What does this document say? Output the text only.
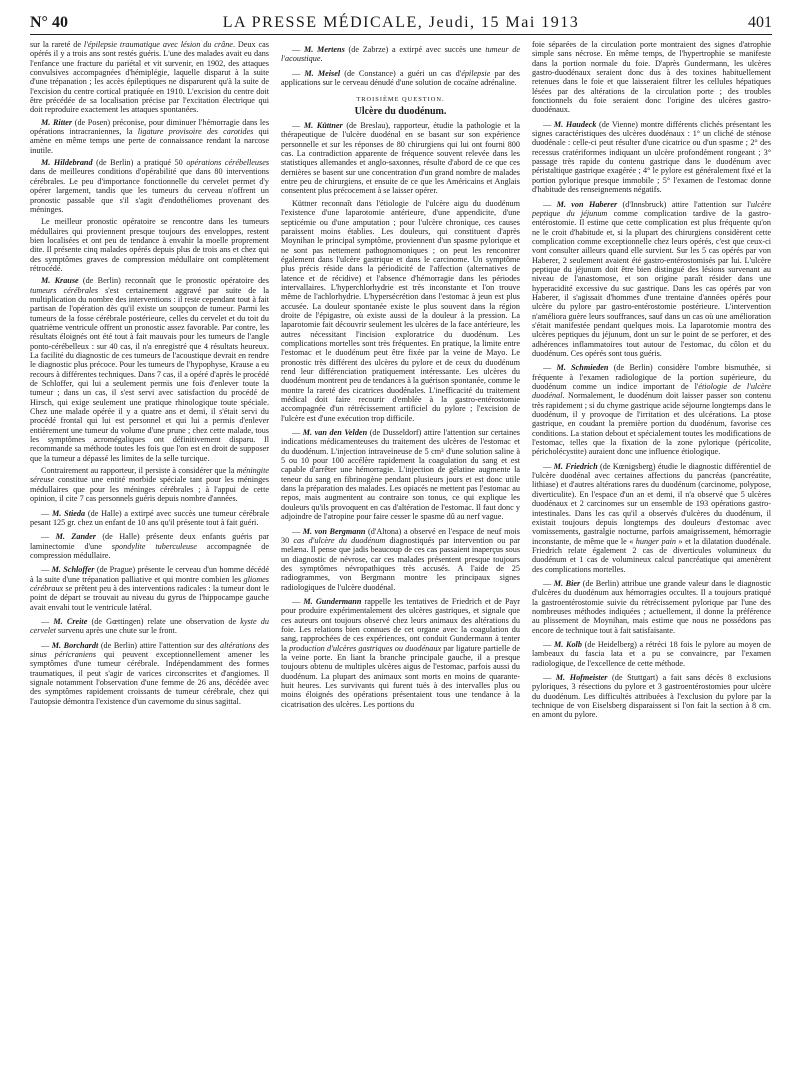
N° 40	LA PRESSE MÉDICALE, Jeudi, 15 Mai 1913	401

sur la rareté de l'épilepsie traumatique avec lésion du crâne. Deux cas opérés il y a trois ans sont restés guéris. L'une des malades avait eu dans l'enfance une fracture du pariétal et vit survenir, en 1902, des attaques convulsives accompagnées d'hémiplégie, laquelle disparut à la suite d'une trépanation ; les accès épileptiques ne disparurent qu'à la suite de l'excision du centre cortical pratiquée en 1910. L'excision du centre doit être précédée de sa localisation précise par l'excitation électrique qui doit reproduire exactement les attaques spontanées.

M. Ritter (de Posen) préconise, pour diminuer l'hémorragie dans les opérations intracraniennes, la ligature provisoire des carotides qui amène en même temps une perte de connaissance rendant la narcose inutile.

M. Hildebrand (de Berlin) a pratiqué 50 opérations cérébelleuses dans de meilleures conditions d'opérabilité que dans 80 interventions cérébrales. Le peu d'importance fonctionnelle du cervelet permet d'y opérer largement, tandis que les tumeurs du cerveau n'offrent un pronostic passable que s'il s'agit d'endothéliomes provenant des méninges.

Le meilleur pronostic opératoire se rencontre dans les tumeurs médullaires qui proviennent presque toujours des enveloppes, restent bien localisées et ont peu de tendance à envahir la moelle proprement dite. Il présente cinq malades opérés depuis plus de trois ans et chez qui des symptômes graves de compression médullaire ont complètement rétrocédé.

M. Krause (de Berlin) reconnaît que le pronostic opératoire des tumeurs cérébrales s'est certainement aggravé par suite de la multiplication du nombre des interventions : il reste cependant tout à fait partisan de l'opération dès qu'il existe un soupçon de tumeur. Parmi les tumeurs de la fosse cérébrale postérieure, celles du cervelet et du toit du quatrième ventricule offrent un pronostic assez favorable. Par contre, les résultats éloignés ont été tout à fait mauvais pour les tumeurs de l'angle ponto-cérébelleux : sur 40 cas, il n'a enregistré que 4 résultats heureux. La facilité du diagnostic de ces tumeurs de l'acoustique devrait en rendre le diagnostic plus précoce. Pour les tumeurs de l'hypophyse, Krause a eu recours à différentes techniques. Dans 7 cas, il a opéré d'après le procédé de Schloffer, qui lui a seulement permis une fois d'enlever toute la tumeur ; dans un cas, il s'est servi avec satisfaction du procédé de Hirsch, qui exige seulement une pratique rhinologique toute spéciale. Chez une malade opérée il y a quatre ans et demi, il s'était servi du procédé frontal qui lui est personnel et qui lui a permis d'enlever entièrement une tumeur du volume d'une prune ; chez cette malade, tous les symptômes acromégaliques ont définitivement disparu. Il recommande sa méthode toutes les fois que l'on est en droit de supposer que la tumeur a dépassé les limites de la selle turcique.

Contrairement au rapporteur, il persiste à considérer que la méningite séreuse constitue une entité morbide spéciale tant pour les méninges médullaires que pour les méninges cérébrales ; à l'appui de cette opinion, il cite 7 cas personnels guéris depuis nombre d'années.

— M. Stieda (de Halle) a extirpé avec succès une tumeur cérébrale pesant 125 gr. chez un enfant de 10 ans qu'il présente tout à fait guéri.

— M. Zander (de Halle) présente deux enfants guéris par laminectomie d'une spondylite tuberculeuse accompagnée de compression médullaire.

— M. Schloffer (de Prague) présente le cerveau d'un homme décédé à la suite d'une trépanation palliative et qui montre combien les gliomes cérébraux se prêtent peu à des interventions radicales : la tumeur dont le point de départ se trouvait au niveau du gyrus de l'hippocampe gauche avait envahi tout le ventricule latéral.

— M. Creite (de Gœttingen) relate une observation de kyste du cervelet survenu après une chute sur le front.

— M. Borchardt (de Berlin) attire l'attention sur des altérations des sinus péricraniens qui peuvent exceptionnellement amener les symptômes d'une tumeur cérébrale. Indépendamment des formes traumatiques, il peut s'agir de varices circonscrites et d'angiomes. Il signale notamment l'observation d'une femme de 26 ans, décédée avec des symptômes rapidement croissants de tumeur cérébrale, chez qui l'autopsie démontra l'existence d'un cavernome du sinus sagittal.

— M. Mertens (de Zabrze) a extirpé avec succès une tumeur de l'acoustique.

— M. Meisel (de Constance) a guéri un cas d'épilepsie par des applications sur le cerveau dénudé d'une solution de cocaïne adrénaline.

TROISIÈME QUESTION.
Ulcère du duodénum.

— M. Küttner (de Breslau), rapporteur, étudie la pathologie et la thérapeutique de l'ulcère duodénal en se basant sur son expérience personnelle et sur les réponses de 80 chirurgiens qui lui ont fourni 800 cas. La contradiction apparente de fréquence souvent relevée dans les statistiques allemandes et anglo-saxonnes, résulte d'abord de ce que ces dernières se basent sur une concentration d'un grand nombre de malades entre peu de chirurgiens, et ensuite de ce que les Américains et Anglais consentent plus précocement à se laisser opérer.

Küttner reconnaît dans l'étiologie de l'ulcère aigu du duodénum l'existence d'une laparotomie antérieure, d'une appendicite, d'une septicémie ou d'une amputation ; pour l'ulcère chronique, ces causes paraissent moins établies. Les douleurs, qui constituent d'après Moynihan le principal symptôme, proviennent d'un spasme pylorique et ne sont pas nettement pathognomoniques ; on peut les rencontrer également dans l'ulcère gastrique et dans le carcinome. Un symptôme plus précis réside dans la périodicité de l'affection (alternatives de latence et de récidive) et l'absence d'hémorragie dans les périodes intervallaires. L'hyperchlorhydrie est très inconstante et l'on trouve même de l'achlorhydrie. L'hypersécrétion dans l'estomac à jeun est plus accusée. La douleur spontanée existe le plus souvent dans la région droite de l'épigastre, où existe aussi de la douleur à la pression. La laparotomie fait découvrir seulement les ulcères de la face antérieure, les autres nécessitant l'incision exploratrice du duodénum. Les complications mortelles sont très fréquentes. En pratique, la limite entre l'estomac et le duodénum peut être fixée par la veine de Mayo. Le pronostic très différent des ulcères du pylore et de ceux du duodénum rend leur différenciation pratiquement intéressante. Les ulcères du duodénum montrent peu de tendances à la guérison spontanée, comme le montre la rareté des cicatrices duodénales. L'inefficacité du traitement médical doit faire recourir d'emblée à la gastro-entérostomie accompagnée d'un rétrécissement artificiel du pylore ; l'excision de l'ulcère est d'une exécution trop difficile.

— M. van den Velden (de Dusseldorf) attire l'attention sur certaines indications médicamenteuses du traitement des ulcères de l'estomac et du duodénum. L'injection intraveineuse de 5 cm³ d'une solution saline à 5 ou 10 pour 100 accélère rapidement la coagulation du sang et est capable d'arrêter une hémorragie. L'injection de gélatine augmente la teneur du sang en fibrinogène pendant plusieurs jours et est donc utile dans la préparation des malades. Les opiacés ne mettent pas l'estomac au repos, mais augmentent au contraire son tonus, ce qui explique les douleurs qu'ils provoquent en cas d'altération de l'estomac. Il faut donc y adjoindre de l'atropine pour faire cesser le spasme dû au nerf vague.

— M. von Bergmann (d'Altona) a observé en l'espace de neuf mois 30 cas d'ulcère du duodénum diagnostiqués par intervention ou par melæna. Il pense que jadis beaucoup de ces cas passaient inaperçus sous un diagnostic de névrose, car ces malades présentent presque toujours des symptômes névropathiques très accusés. A l'aide de 25 radiogrammes, von Bergmann montre les principaux signes radiologiques de l'ulcère duodénal.

— M. Gundermann rappelle les tentatives de Friedrich et de Payr pour produire expérimentalement des ulcères gastriques, et signale que ces auteurs ont toujours observé chez leurs animaux des altérations du foie. Les relations bien connues de cet organe avec la coagulation du sang, rapprochées de ces expériences, ont conduit Gundermann à tenter la production d'ulcères gastriques ou duodénaux par ligature partielle de la veine porte. En liant la branche principale gauche, il a presque toujours obtenu de multiples ulcères aigus de l'estomac, parfois aussi du duodénum. La plupart des animaux sont morts en moins de quarante-huit heures. Les survivants qui furent tués à des intervalles plus ou moins éloignés des opérations présentaient tous une tendance à la cicatrisation des ulcères. Les portions du

foie séparées de la circulation porte montraient des signes d'atrophie simple sans nécrose. En même temps, de l'hypertrophie se manifeste dans la portion normale du foie. D'après Gundermann, les ulcères gastro-duodénaux seraient donc dus à des toxines habituellement retenues dans le foie et que laisseraient filtrer les cellules hépatiques lésées par des altérations de la circulation porte ; des troubles fonctionnels du foie seraient donc l'origine des ulcères gastro-duodénaux.

— M. Haudeck (de Vienne) montre différents clichés présentant les signes caractéristiques des ulcères duodénaux : 1° un cliché de sténose duodénale : celle-ci peut résulter d'une cicatrice ou d'un spasme ; 2° des recessus cratériformes indiquant un ulcère profondément rongeant ; 3° passage très rapide du contenu gastrique dans le duodénum avec péristaltique gastrique exagérée ; 4° le pylore est généralement fixé et la portion pylorique presque immobile ; 5° l'examen de l'estomac donne d'habitude des renseignements négatifs.

— M. von Haberer (d'Innsbruck) attire l'attention sur l'ulcère peptique du jéjunum comme complication tardive de la gastro-entérostomie. Il estime que cette complication est plus fréquente qu'on ne le croit d'habitude et, si la plupart des chirurgiens considèrent cette complication comme exceptionnelle chez leurs opérés, c'est que ceux-ci vont consulter ailleurs quand elle survient. Sur les 5 cas opérés par von Haberer, 2 seulement avaient été gastro-entérostomisés par lui. L'ulcère peptique du jéjunum doit être bien distingué des lésions survenant au niveau de l'anastomose, et son origine paraît résider dans une hyperacidité excessive du suc gastrique. Dans les cas opérés par von Haberer, il s'agissait d'hommes d'une trentaine d'années opérés pour ulcère du pylore par gastro-entérostomie postérieure. L'intervention n'améliora guère leurs souffrances, sauf dans un cas où une amélioration s'était manifestée pendant quelques mois. La laparotomie montra des ulcères peptiques du jéjunum, dont un sur le point de se perforer, et des adhérences inflammatoires tout autour de l'estomac, du côlon et du duodénum. Ces opérés sont tous guéris.

— M. Schmieden (de Berlin) considère l'ombre bismuthée, si fréquente à l'examen radiologique de la portion supérieure, du duodénum comme un indice important de l'étiologie de l'ulcère duodénal. Normalement, le duodénum doit laisser passer son contenu très rapidement ; si du chyme gastrique acide séjourne longtemps dans le duodénum, il y provoque de l'irritation et des ulcérations. La ptose gastrique, en coudant la première portion du duodénum, favorise ces conditions. La station debout et spécialement toutes les modifications de l'estomac, telles que la fixation de la zone pylorique (péricolite, péricholécystite) auraient donc une influence étiologique.

— M. Friedrich (de Kœnigsberg) étudie le diagnostic différentiel de l'ulcère duodénal avec certaines affections du pancréas (pancréatite, lithiase) et d'autres altérations rares du duodénum (carcinome, polypose, diverticulite). En l'espace d'un an et demi, il n'a observé que 5 ulcères duodénaux et 2 carcinomes sur un ensemble de 193 opérations gastro-intestinales. Dans les cas qu'il a observés d'ulcères du duodénum, il existait toujours depuis longtemps des douleurs d'estomac avec vomissements, gastralgie nocturne, parfois amaigrissement, hémorragie inconstante, de même que le « hunger pain » et la dilatation duodénale. Friedrich relate également 2 cas de diverticules volumineux du duodénum et 1 cas de volumineux calcul pancréatique qui amenèrent des complications mortelles.

— M. Bier (de Berlin) attribue une grande valeur dans le diagnostic d'ulcères du duodénum aux hémorragies occultes. Il a toujours pratiqué la gastroentérostomie suivie du rétrécissement pylorique par l'une des nombreuses méthodes indiquées ; actuellement, il donne la préférence au plissement de Moynihan, mais estime que nous ne possédons pas encore de technique tout à fait satisfaisante.

— M. Kolb (de Heidelberg) a rétréci 18 fois le pylore au moyen de lambeaux du fascia lata et a pu se convaincre, par l'examen radiologique, de l'excellence de cette méthode.

— M. Hofmeister (de Stuttgart) a fait sans décès 8 exclusions pyloriques, 3 résections du pylore et 3 gastroentérostomies pour ulcère du duodénum. Les difficultés attribuées à l'exclusion du pylore par la technique de von Eiselsberg disparaissent si l'on fait la section à 8 cm. en amont du pylore.
